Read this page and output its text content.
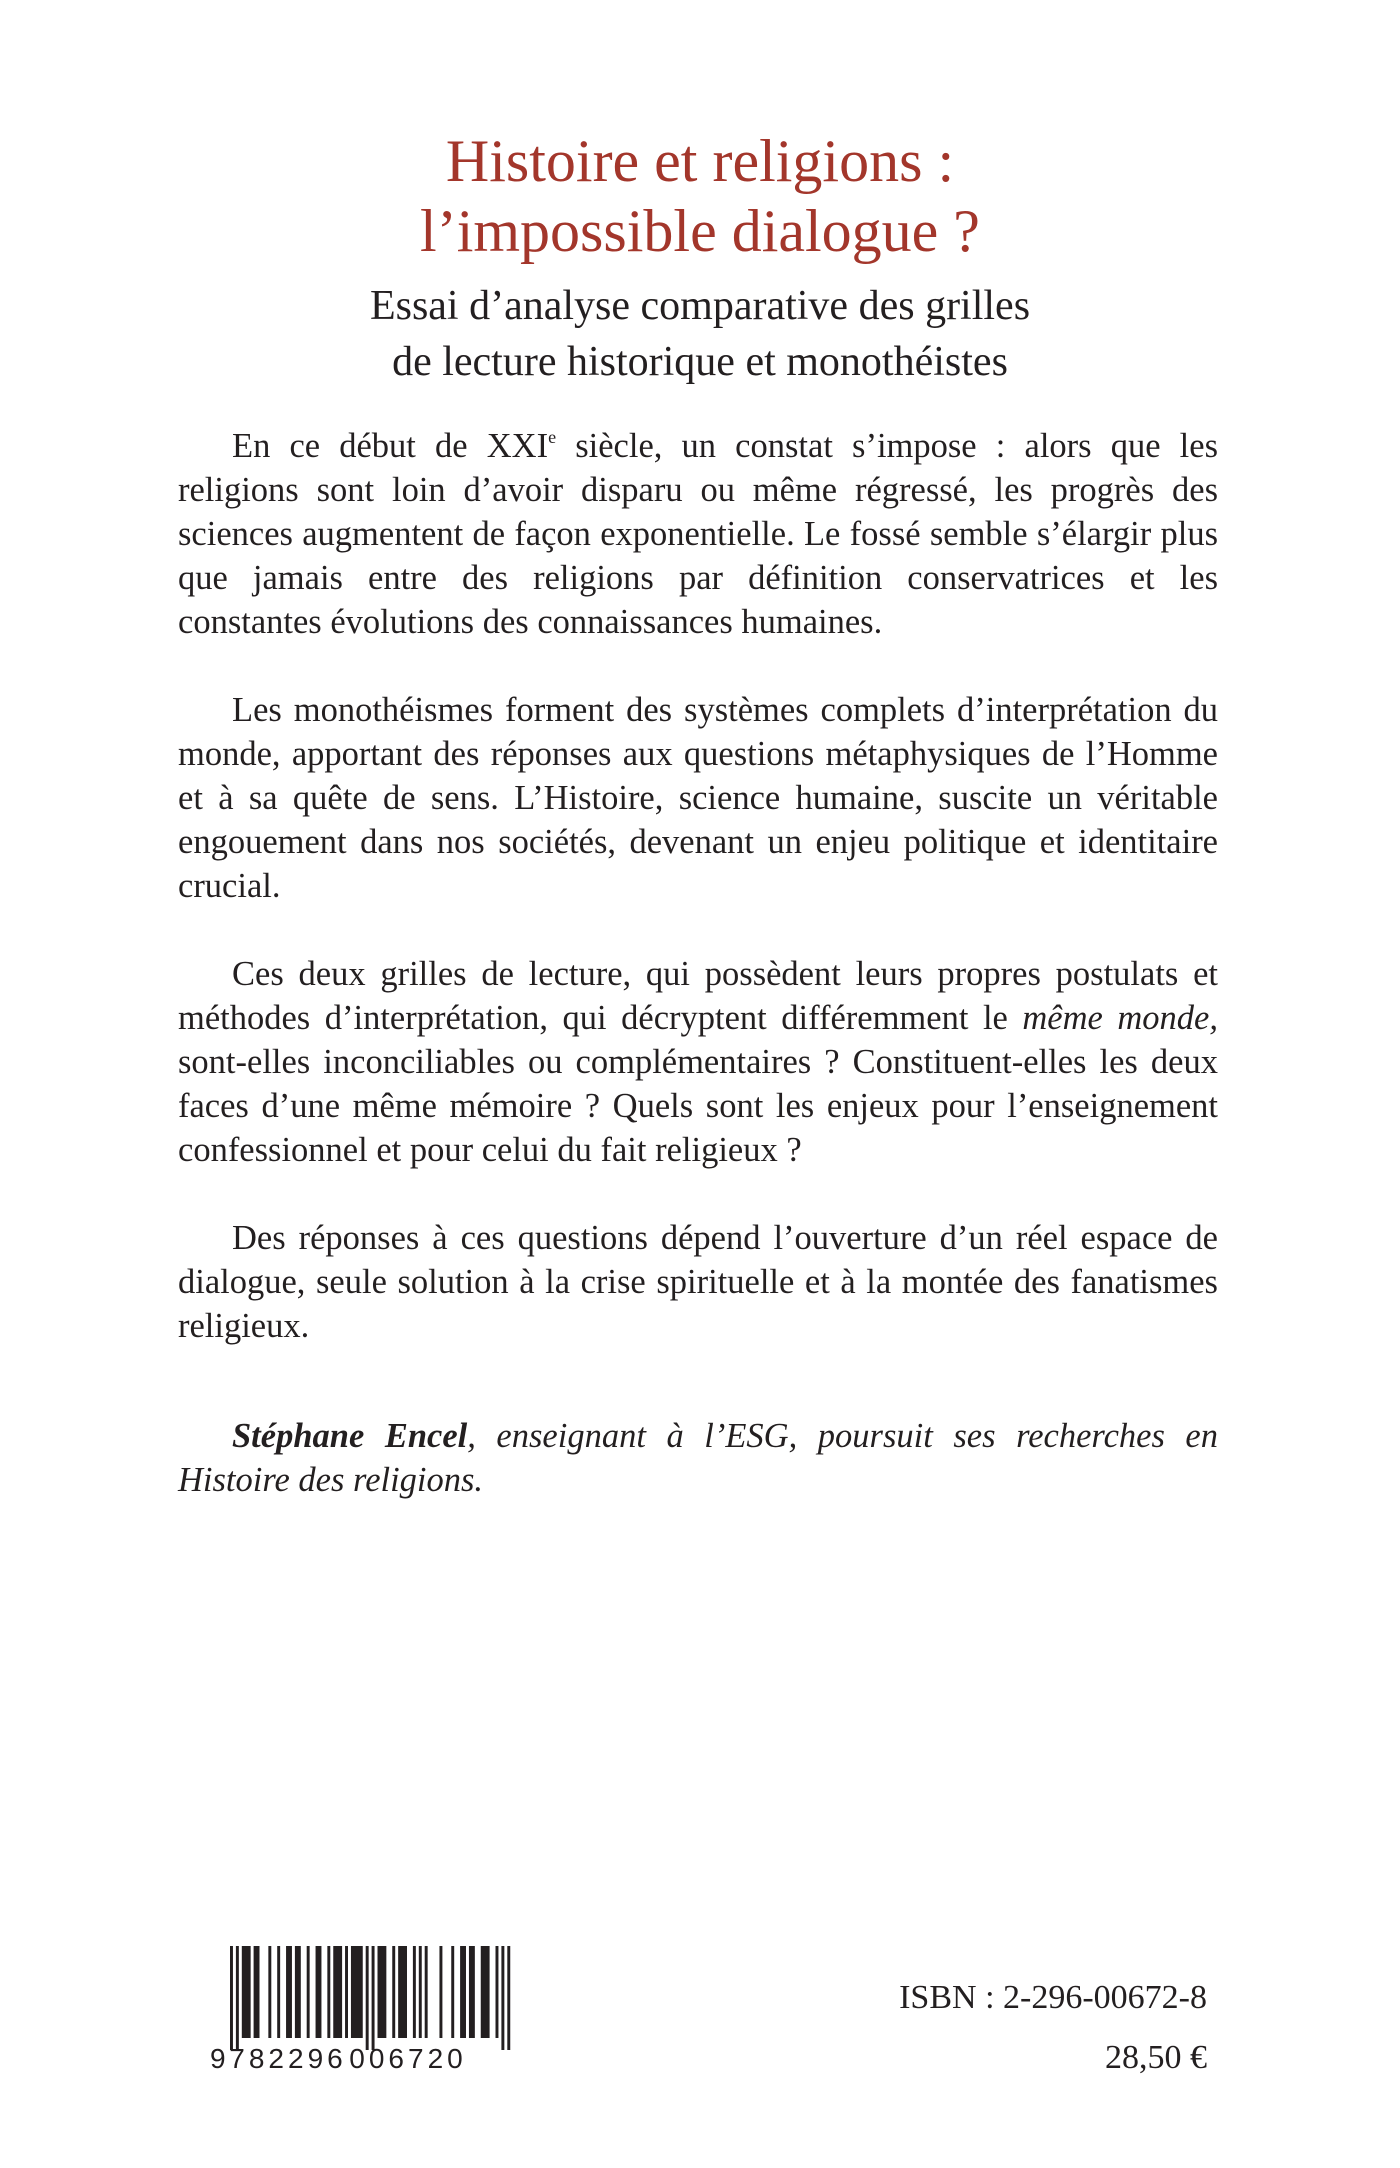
Histoire et religions :
l’impossible dialogue ?
Essai d’analyse comparative des grilles
de lecture historique et monothéistes

En ce début de XXIe siècle, un constat s’impose : alors que les religions sont loin d’avoir disparu ou même régressé, les progrès des sciences augmentent de façon exponentielle. Le fossé semble s’élargir plus que jamais entre des religions par définition conservatrices et les constantes évolutions des connaissances humaines.

Les monothéismes forment des systèmes complets d’interprétation du monde, apportant des réponses aux questions métaphysiques de l’Homme et à sa quête de sens. L’Histoire, science humaine, suscite un véritable engouement dans nos sociétés, devenant un enjeu politique et identitaire crucial.

Ces deux grilles de lecture, qui possèdent leurs propres postulats et méthodes d’interprétation, qui décryptent différemment le même monde, sont-elles inconciliables ou complémentaires ? Constituent-elles les deux faces d’une même mémoire ? Quels sont les enjeux pour l’enseignement confessionnel et pour celui du fait religieux ?

Des réponses à ces questions dépend l’ouverture d’un réel espace de dialogue, seule solution à la crise spirituelle et à la montée des fanatismes religieux.

Stéphane Encel, enseignant à l’ESG, poursuit ses recherches en Histoire des religions.

9 782296 006720

ISBN : 2-296-00672-8

28,50 €
